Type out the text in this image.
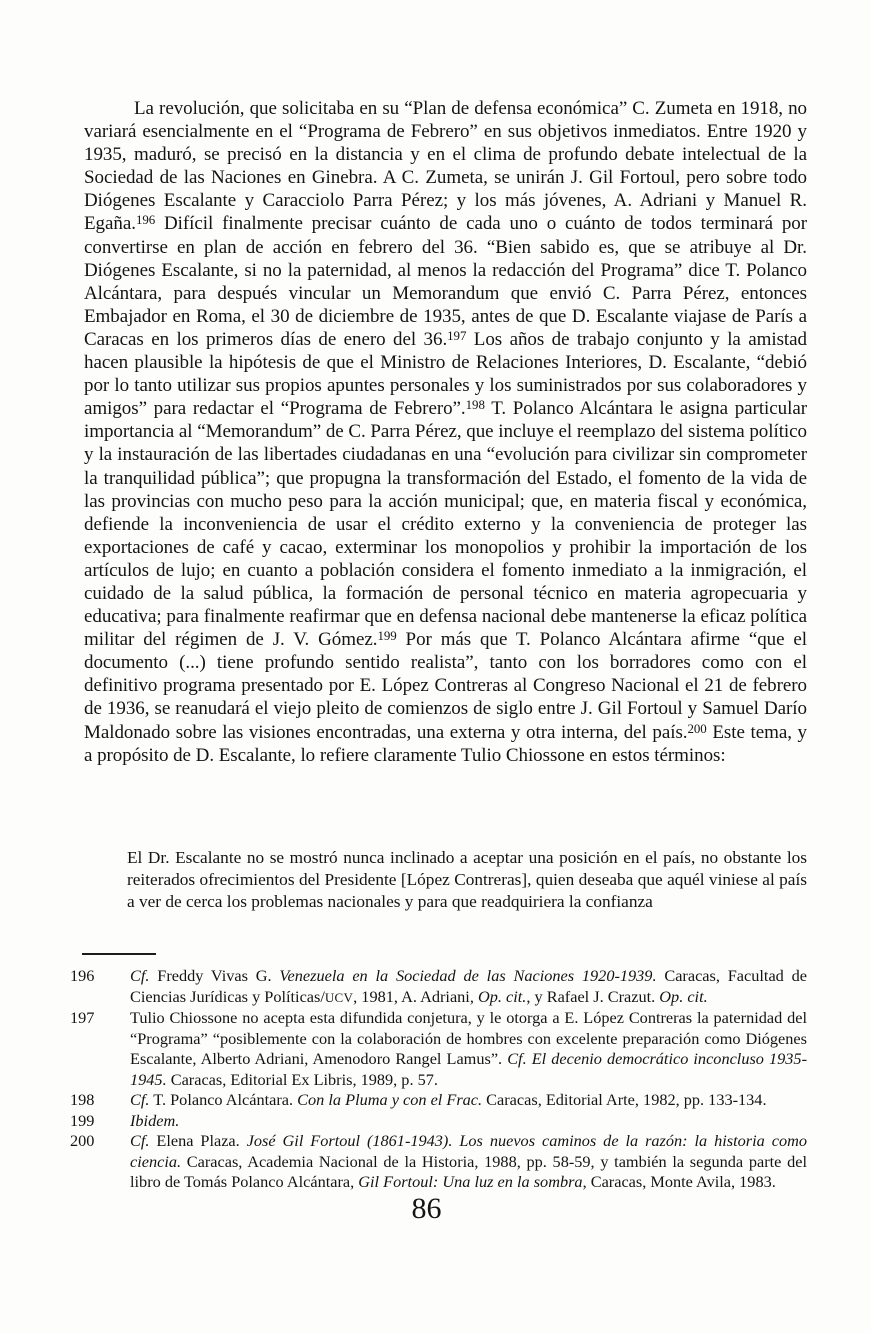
La revolución, que solicitaba en su “Plan de defensa económica” C. Zumeta en 1918, no variará esencialmente en el “Programa de Febrero” en sus objetivos inmediatos. Entre 1920 y 1935, maduró, se precisó en la distancia y en el clima de profundo debate intelectual de la Sociedad de las Naciones en Ginebra. A C. Zumeta, se unirán J. Gil Fortoul, pero sobre todo Diógenes Escalante y Caracciolo Parra Pérez; y los más jóvenes, A. Adriani y Manuel R. Egaña.$^{196}$ Difícil finalmente precisar cuánto de cada uno o cuánto de todos terminará por convertirse en plan de acción en febrero del 36. “Bien sabido es, que se atribuye al Dr. Diógenes Escalante, si no la paternidad, al menos la redacción del Programa” dice T. Polanco Alcántara, para después vincular un Memorandum que envió C. Parra Pérez, entonces Embajador en Roma, el 30 de diciembre de 1935, antes de que D. Escalante viajase de París a Caracas en los primeros días de enero del 36.$^{197}$ Los años de trabajo conjunto y la amistad hacen plausible la hipótesis de que el Ministro de Relaciones Interiores, D. Escalante, “debió por lo tanto utilizar sus propios apuntes personales y los suministrados por sus colaboradores y amigos” para redactar el “Programa de Febrero”.$^{198}$ T. Polanco Alcántara le asigna particular importancia al “Memorandum” de C. Parra Pérez, que incluye el reemplazo del sistema político y la instauración de las libertades ciudadanas en una “evolución para civilizar sin comprometer la tranquilidad pública”; que propugna la transformación del Estado, el fomento de la vida de las provincias con mucho peso para la acción municipal; que, en materia fiscal y económica, defiende la inconveniencia de usar el crédito externo y la conveniencia de proteger las exportaciones de café y cacao, exterminar los monopolios y prohibir la importación de los artículos de lujo; en cuanto a población considera el fomento inmediato a la inmigración, el cuidado de la salud pública, la formación de personal técnico en materia agropecuaria y educativa; para finalmente reafirmar que en defensa nacional debe mantenerse la eficaz política militar del régimen de J. V. Gómez.$^{199}$ Por más que T. Polanco Alcántara afirme “que el documento (...) tiene profundo sentido realista”, tanto con los borradores como con el definitivo programa presentado por E. López Contreras al Congreso Nacional el 21 de febrero de 1936, se reanudará el viejo pleito de comienzos de siglo entre J. Gil Fortoul y Samuel Darío Maldonado sobre las visiones encontradas, una externa y otra interna, del país.$^{200}$ Este tema, y a propósito de D. Escalante, lo refiere claramente Tulio Chiossone en estos términos:

El Dr. Escalante no se mostró nunca inclinado a aceptar una posición en el país, no obstante los reiterados ofrecimientos del Presidente [López Contreras], quien deseaba que aquél viniese al país a ver de cerca los problemas nacionales y para que readquiriera la confianza
196	Cf. Freddy Vivas G. Venezuela en la Sociedad de las Naciones 1920-1939. Caracas, Facultad de Ciencias Jurídicas y Políticas/UCV, 1981, A. Adriani, Op. cit., y Rafael J. Crazut. Op. cit.
197	Tulio Chiossone no acepta esta difundida conjetura, y le otorga a E. López Contreras la paternidad del “Programa” “posiblemente con la colaboración de hombres con excelente preparación como Diógenes Escalante, Alberto Adriani, Amenodoro Rangel Lamus”. Cf. El decenio democrático inconcluso 1935-1945. Caracas, Editorial Ex Libris, 1989, p. 57.
198	Cf. T. Polanco Alcántara. Con la Pluma y con el Frac. Caracas, Editorial Arte, 1982, pp. 133-134.
199	Ibidem.
200	Cf. Elena Plaza. José Gil Fortoul (1861-1943). Los nuevos caminos de la razón: la historia como ciencia. Caracas, Academia Nacional de la Historia, 1988, pp. 58-59, y también la segunda parte del libro de Tomás Polanco Alcántara, Gil Fortoul: Una luz en la sombra, Caracas, Monte Avila, 1983.
86
